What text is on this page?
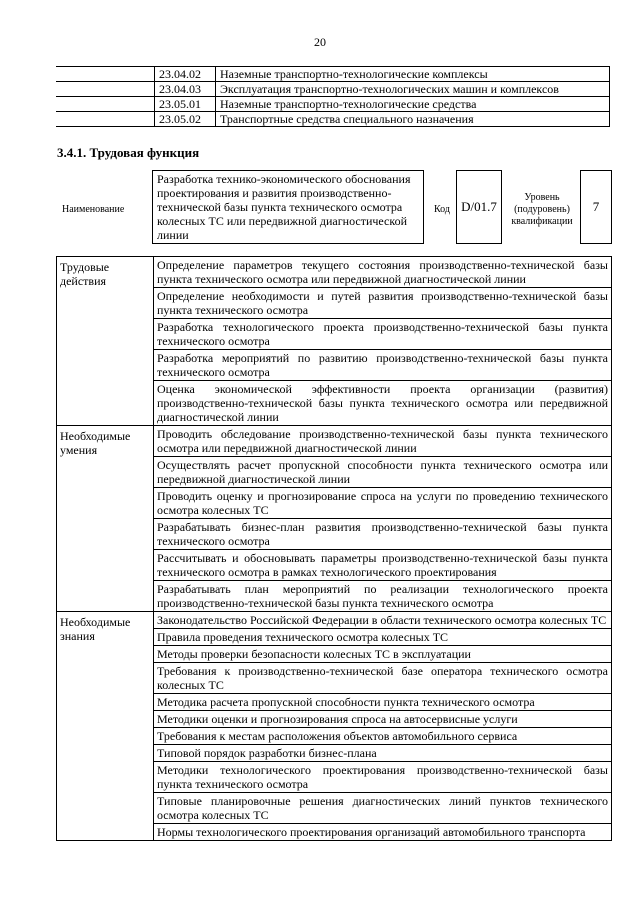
20
	23.04.02	Наземные транспортно-технологические комплексы
	23.04.03	Эксплуатация транспортно-технологических машин и комплексов
	23.05.01	Наземные транспортно-технологические средства
	23.05.02	Транспортные средства специального назначения
3.4.1. Трудовая функция
Наименование
Разработка технико-экономического обоснования проектирования и развития производственно-технической базы пункта технического осмотра колесных ТС или передвижной диагностической линии
Код D/01.7
Уровень (подуровень) квалификации
7
Трудовые действия	Определение параметров текущего состояния производственно-технической базы пункта технического осмотра или передвижной диагностической линии
	Определение необходимости и путей развития производственно-технической базы пункта технического осмотра
	Разработка технологического проекта производственно-технической базы пункта технического осмотра
	Разработка мероприятий по развитию производственно-технической базы пункта технического осмотра
	Оценка экономической эффективности проекта организации (развития) производственно-технической базы пункта технического осмотра или передвижной диагностической линии
Необходимые умения	Проводить обследование производственно-технической базы пункта технического осмотра или передвижной диагностической линии
	Осуществлять расчет пропускной способности пункта технического осмотра или передвижной диагностической линии
	Проводить оценку и прогнозирование спроса на услуги по проведению технического осмотра колесных ТС
	Разрабатывать бизнес-план развития производственно-технической базы пункта технического осмотра
	Рассчитывать и обосновывать параметры производственно-технической базы пункта технического осмотра в рамках технологического проектирования
	Разрабатывать план мероприятий по реализации технологического проекта производственно-технической базы пункта технического осмотра
Необходимые знания	Законодательство Российской Федерации в области технического осмотра колесных ТС
	Правила проведения технического осмотра колесных ТС
	Методы проверки безопасности колесных ТС в эксплуатации
	Требования к производственно-технической базе оператора технического осмотра колесных ТС
	Методика расчета пропускной способности пункта технического осмотра
	Методики оценки и прогнозирования спроса на автосервисные услуги
	Требования к местам расположения объектов автомобильного сервиса
	Типовой порядок разработки бизнес-плана
	Методики технологического проектирования производственно-технической базы пункта технического осмотра
	Типовые планировочные решения диагностических линий пунктов технического осмотра колесных ТС
	Нормы технологического проектирования организаций автомобильного транспорта
